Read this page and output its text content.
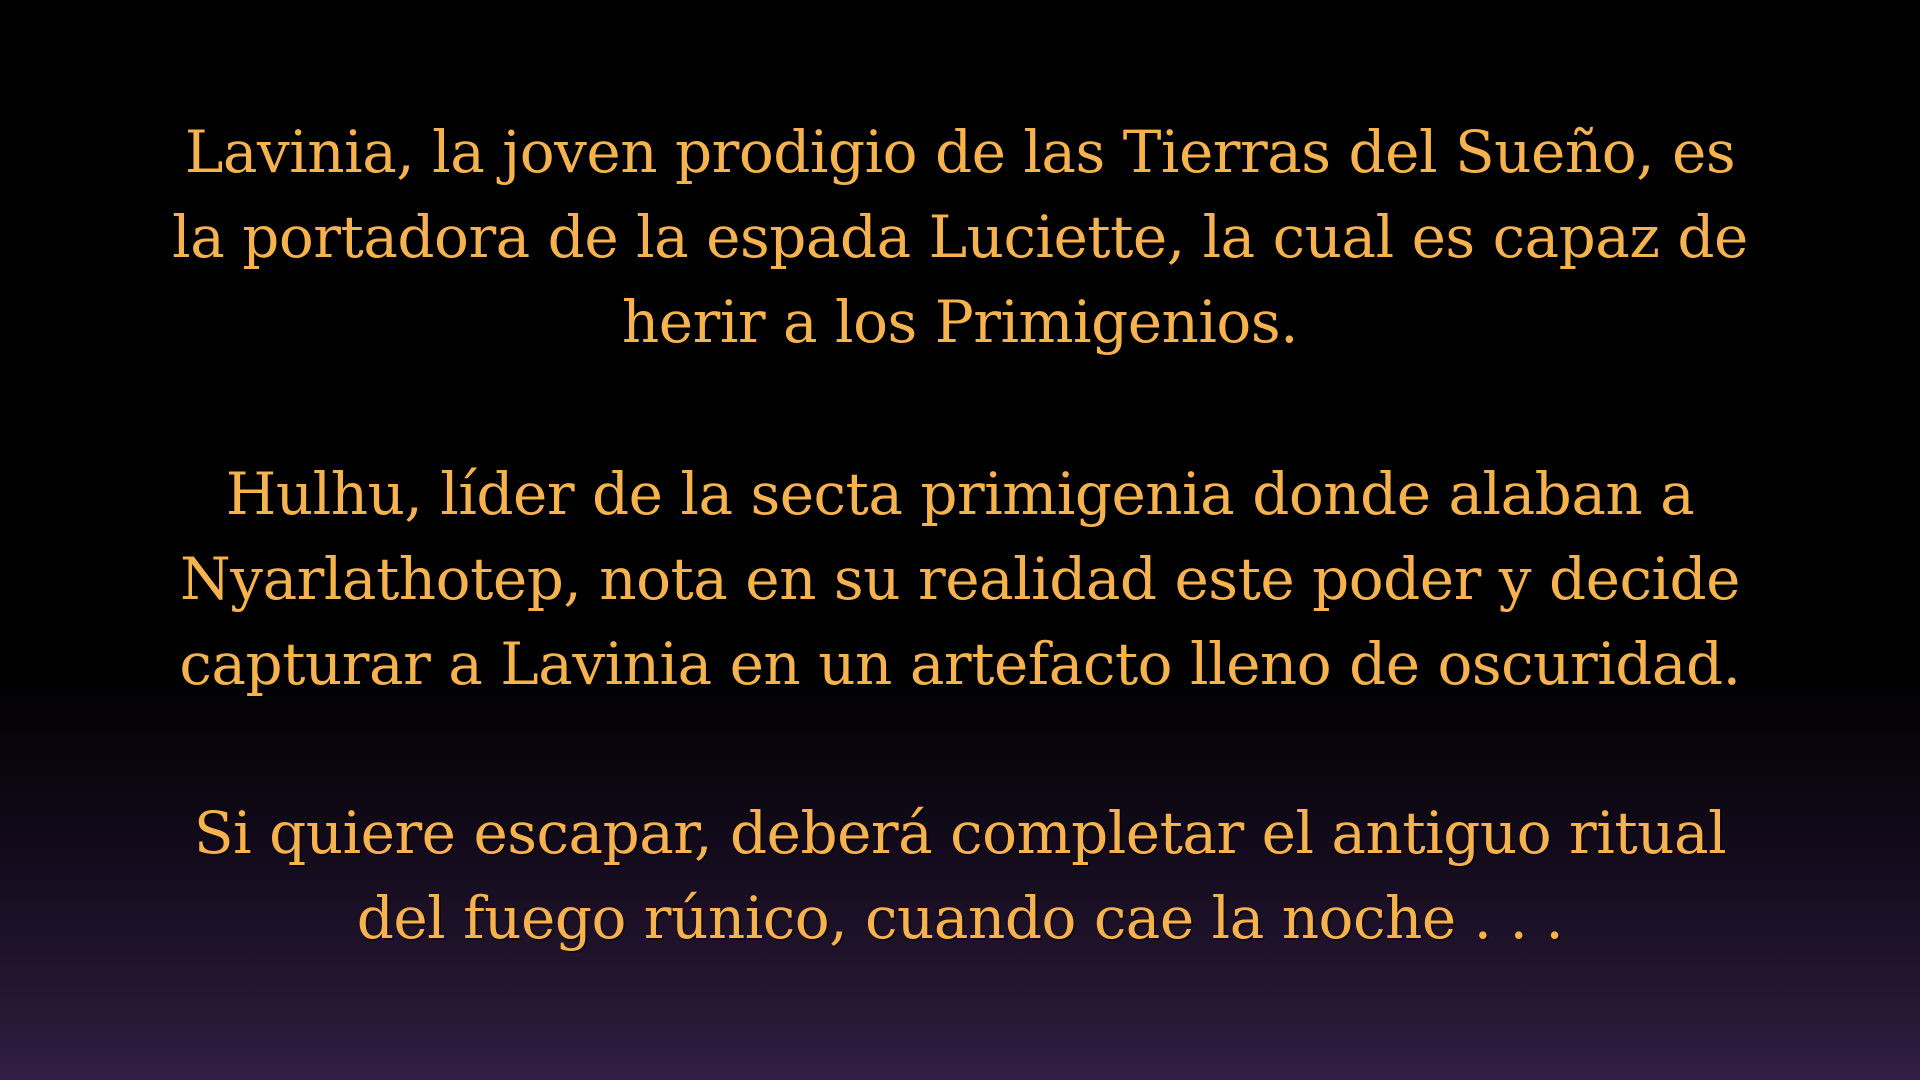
Lavinia, la joven prodigio de las Tierras del Sueño, es
la portadora de la espada Luciette, la cual es capaz de
herir a los Primigenios.

Hulhu, líder de la secta primigenia donde alaban a
Nyarlathotep, nota en su realidad este poder y decide
capturar a Lavinia en un artefacto lleno de oscuridad.

Si quiere escapar, deberá completar el antiguo ritual
del fuego rúnico, cuando cae la noche . . .
